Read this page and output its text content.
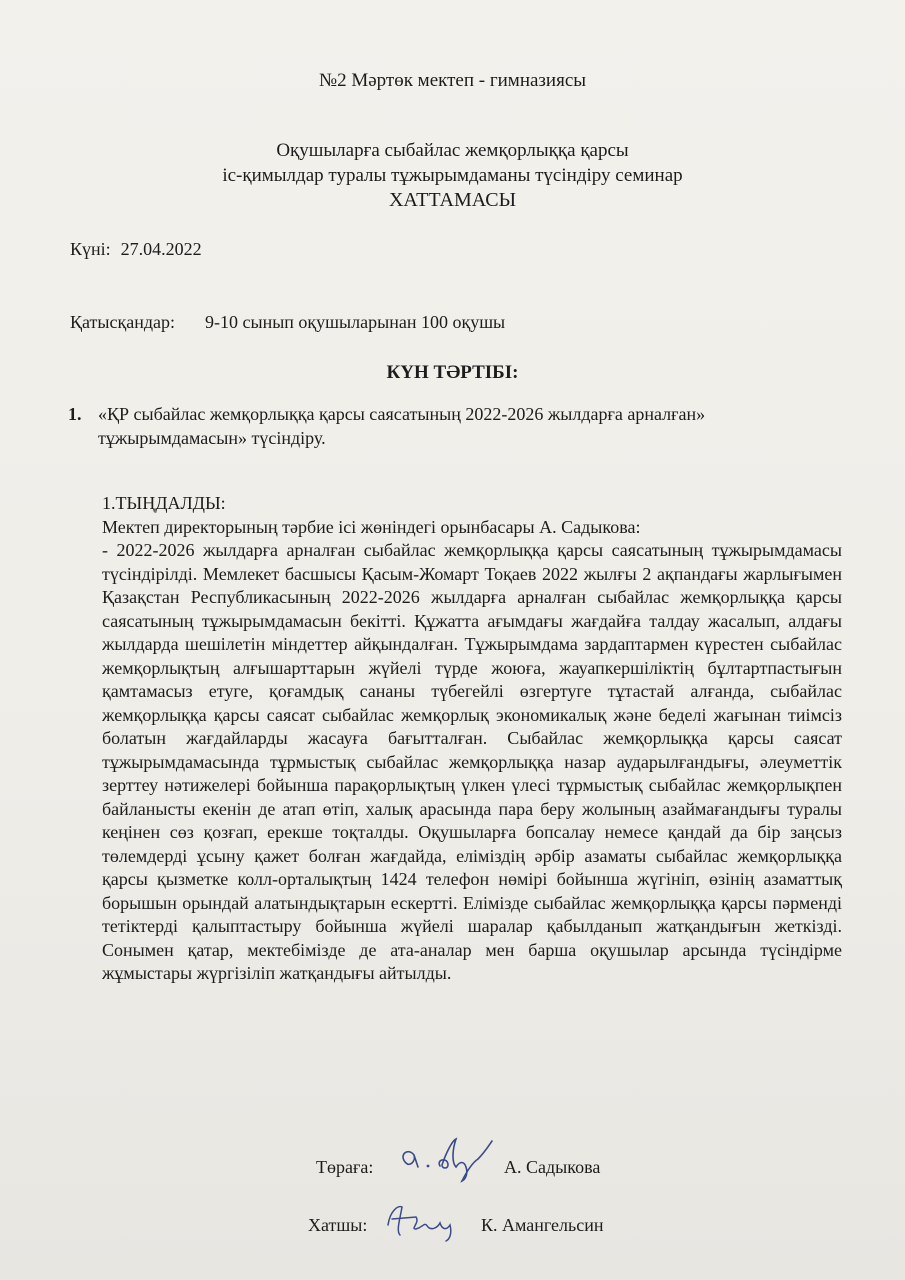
№2 Мәртөк мектеп - гимназиясы
Оқушыларға сыбайлас жемқорлыққа қарсы
іс-қимылдар туралы тұжырымдаманы түсіндіру семинар
ХАТТАМАСЫ
Күні: 27.04.2022
Қатысқандар: 9-10 сынып оқушыларынан 100 оқушы
КҮН ТӘРТІБІ:
1. «ҚР сыбайлас жемқорлыққа қарсы саясатының 2022-2026 жылдарға арналған»
тұжырымдамасын» түсіндіру.
1.ТЫҢДАЛДЫ:
Мектеп директорының тәрбие ісі жөніндегі орынбасары А. Садыкова:
- 2022-2026 жылдарға арналған сыбайлас жемқорлыққа қарсы саясатының тұжырымдамасы түсіндірілді. Мемлекет басшысы Қасым-Жомарт Тоқаев 2022 жылғы 2 ақпандағы жарлығымен Қазақстан Республикасының 2022-2026 жылдарға арналған сыбайлас жемқорлыққа қарсы саясатының тұжырымдамасын бекітті. Құжатта ағымдағы жағдайға талдау жасалып, алдағы жылдарда шешілетін міндеттер айқындалған. Тұжырымдама зардаптармен күрестен сыбайлас жемқорлықтың алғышарттарын жүйелі түрде жоюға, жауапкершіліктің бұлтартпастығын қамтамасыз етуге, қоғамдық сананы түбегейлі өзгертуге тұтастай алғанда, сыбайлас жемқорлыққа қарсы саясат сыбайлас жемқорлық экономикалық және беделі жағынан тиімсіз болатын жағдайларды жасауға бағытталған. Сыбайлас жемқорлыққа қарсы саясат тұжырымдамасында тұрмыстық сыбайлас жемқорлыққа назар аударылғандығы, әлеуметтік зерттеу нәтижелері бойынша парақорлықтың үлкен үлесі тұрмыстық сыбайлас жемқорлықпен байланысты екенін де атап өтіп, халық арасында пара беру жолының азаймағандығы туралы кеңінен сөз қозғап, ерекше тоқталды. Оқушыларға бопсалау немесе қандай да бір заңсыз төлемдерді ұсыну қажет болған жағдайда, еліміздің әрбір азаматы сыбайлас жемқорлыққа қарсы қызметке колл-орталықтың 1424 телефон нөмірі бойынша жүгініп, өзінің азаматтық борышын орындай алатындықтарын ескертті. Елімізде сыбайлас жемқорлыққа қарсы пәрменді тетіктерді қалыптастыру бойынша жүйелі шаралар қабылданып жатқандығын жеткізді. Сонымен қатар, мектебімізде де ата-аналар мен барша оқушылар арсында түсіндірме жұмыстары жүргізіліп жатқандығы айтылды.
Төраға:	А. Садыкова
Хатшы:	К. Амангельсин
